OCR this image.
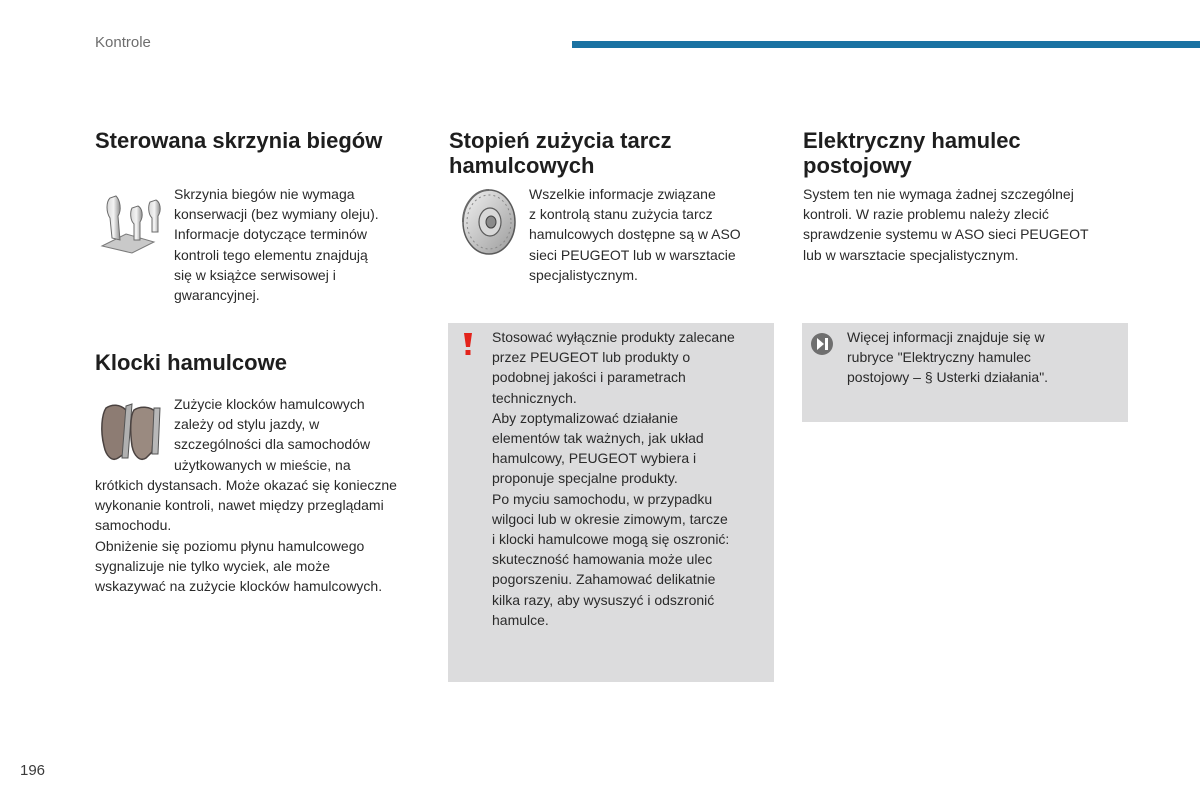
Kontrole
Sterowana skrzynia biegów

Skrzynia biegów nie wymaga

konserwacji (bez wymiany oleju).

Informacje dotyczące terminów

kontroli tego elementu znajdują

się w książce serwisowej i

gwarancyjnej.

Klocki hamulcowe

Zużycie klocków hamulcowych

zależy od stylu jazdy, w

szczególności dla samochodów

użytkowanych w mieście, na

krótkich dystansach. Może okazać się konieczne

wykonanie kontroli, nawet między przeglądami

samochodu.

Obniżenie się poziomu płynu hamulcowego

sygnalizuje nie tylko wyciek, ale może

wskazywać na zużycie klocków hamulcowych.

Stopień zużycia tarcz
hamulcowych

Wszelkie informacje związane

z kontrolą stanu zużycia tarcz

hamulcowych dostępne są w ASO

sieci PEUGEOT lub w warsztacie

specjalistycznym.

Stosować wyłącznie produkty zalecane

przez PEUGEOT lub produkty o

podobnej jakości i parametrach

technicznych.

Aby zoptymalizować działanie

elementów tak ważnych, jak układ

hamulcowy, PEUGEOT wybiera i

proponuje specjalne produkty.

Po myciu samochodu, w przypadku

wilgoci lub w okresie zimowym, tarcze

i klocki hamulcowe mogą się oszronić:

skuteczność hamowania może ulec

pogorszeniu. Zahamować delikatnie

kilka razy, aby wysuszyć i odszronić

hamulce.

Elektryczny hamulec
postojowy

System ten nie wymaga żadnej szczególnej

kontroli. W razie problemu należy zlecić

sprawdzenie systemu w ASO sieci PEUGEOT

lub w warsztacie specjalistycznym.

Więcej informacji znajduje się w

rubryce "Elektryczny hamulec

postojowy – § Usterki działania".

196
